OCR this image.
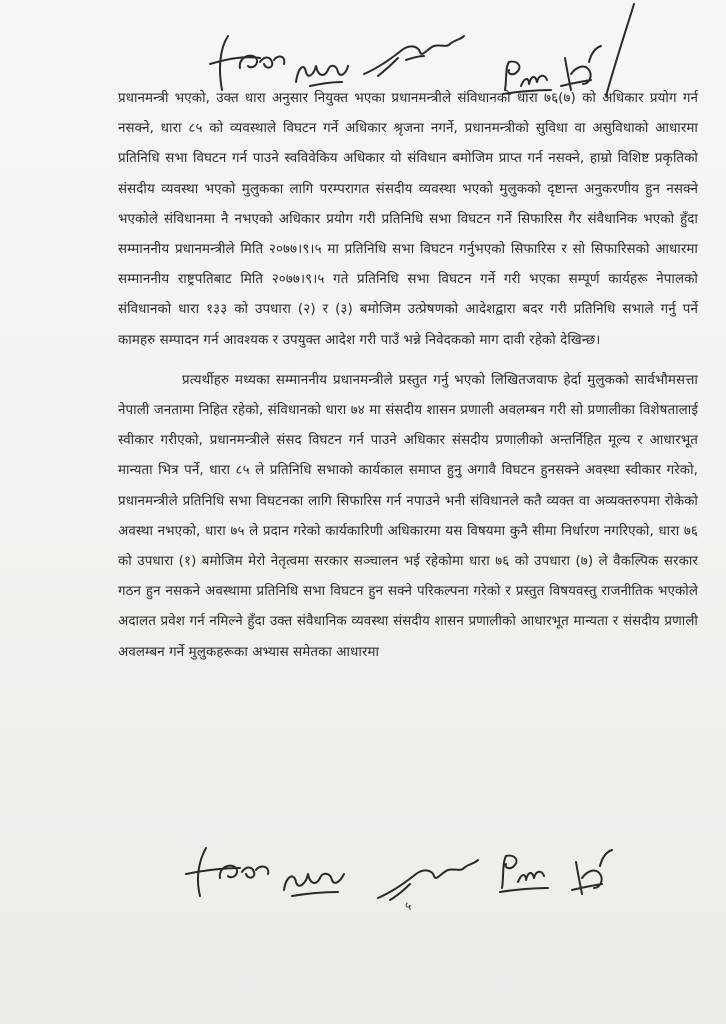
प्रधानमन्त्री भएको, उक्त धारा अनुसार नियुक्त भएका प्रधानमन्त्रीले संविधानको धारा ७६(७) को अधिकार प्रयोग गर्न नसक्ने, धारा ८५ को व्यवस्थाले विघटन गर्ने अधिकार श्रृजना नगर्ने, प्रधानमन्त्रीको सुविधा वा असुविधाको आधारमा प्रतिनिधि सभा विघटन गर्न पाउने स्वविवेकिय अधिकार यो संविधान बमोजिम प्राप्त गर्न नसक्ने, हाम्रो विशिष्ट प्रकृतिको संसदीय व्यवस्था भएको मुलुकका लागि परम्परागत संसदीय व्यवस्था भएको मुलुकको दृष्टान्त अनुकरणीय हुन नसक्ने भएकोले संविधानमा नै नभएको अधिकार प्रयोग गरी प्रतिनिधि सभा विघटन गर्ने सिफारिस गैर संवैधानिक भएको हुँदा सम्माननीय प्रधानमन्त्रीले मिति २०७७।९।५ मा प्रतिनिधि सभा विघटन गर्नुभएको सिफारिस र सो सिफारिसको आधारमा सम्माननीय राष्ट्रपतिबाट मिति २०७७।९।५ गते प्रतिनिधि सभा विघटन गर्ने गरी भएका सम्पूर्ण कार्यहरू नेपालको संविधानको धारा १३३ को उपधारा (२) र (३) बमोजिम उत्प्रेषणको आदेशद्वारा बदर गरी प्रतिनिधि सभाले गर्नु पर्ने कामहरु सम्पादन गर्न आवश्यक र उपयुक्त आदेश गरी पाउँ भन्ने निवेदकको माग दावी रहेको देखिन्छ।

प्रत्यर्थीहरु मध्यका सम्माननीय प्रधानमन्त्रीले प्रस्तुत गर्नु भएको लिखितजवाफ हेर्दा मुलुकको सार्वभौमसत्ता नेपाली जनतामा निहित रहेको, संविधानको धारा ७४ मा संसदीय शासन प्रणाली अवलम्बन गरी सो प्रणालीका विशेषतालाई स्वीकार गरीएको, प्रधानमन्त्रीले संसद विघटन गर्न पाउने अधिकार संसदीय प्रणालीको अन्तर्निहित मूल्य र आधारभूत मान्यता भित्र पर्ने, धारा ८५ ले प्रतिनिधि सभाको कार्यकाल समाप्त हुनु अगावै विघटन हुनसक्ने अवस्था स्वीकार गरेको, प्रधानमन्त्रीले प्रतिनिधि सभा विघटनका लागि सिफारिस गर्न नपाउने भनी संविधानले कतै व्यक्त वा अव्यक्तरुपमा रोकेको अवस्था नभएको, धारा ७५ ले प्रदान गरेको कार्यकारिणी अधिकारमा यस विषयमा कुनै सीमा निर्धारण नगरिएको, धारा ७६ को उपधारा (१) बमोजिम मेरो नेतृत्वमा सरकार सञ्चालन भई रहेकोमा धारा ७६ को उपधारा (७) ले वैकल्पिक सरकार गठन हुन नसकने अवस्थामा प्रतिनिधि सभा विघटन हुन सक्ने परिकल्पना गरेको र प्रस्तुत विषयवस्तु राजनीतिक भएकोले अदालत प्रवेश गर्न नमिल्ने हुँदा उक्त संवैधानिक व्यवस्था संसदीय शासन प्रणालीको आधारभूत मान्यता र संसदीय प्रणाली अवलम्बन गर्ने मुलुकहरूका अभ्यास समेतका आधारमा

५
